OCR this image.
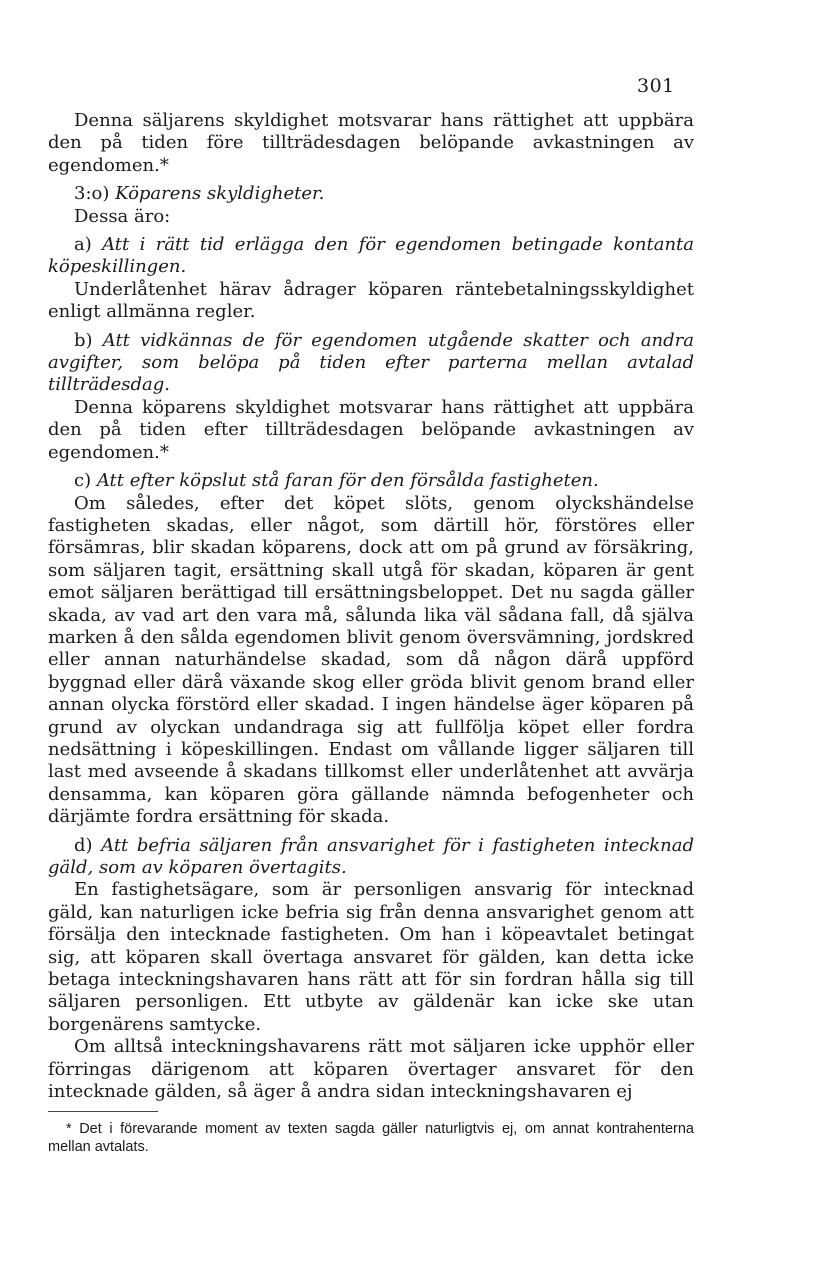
301

Denna säljarens skyldighet motsvarar hans rättighet att uppbära den på tiden före tillträdesdagen belöpande avkastningen av egendomen.*

3:o) Köparens skyldigheter.

Dessa äro:

a) Att i rätt tid erlägga den för egendomen betingade kontanta köpeskillingen.

Underlåtenhet härav ådrager köparen räntebetalningsskyldighet enligt allmänna regler.

b) Att vidkännas de för egendomen utgående skatter och andra avgifter, som belöpa på tiden efter parterna mellan avtalad tillträdesdag.

Denna köparens skyldighet motsvarar hans rättighet att uppbära den på tiden efter tillträdesdagen belöpande avkastningen av egendomen.*

c) Att efter köpslut stå faran för den försålda fastigheten.

Om således, efter det köpet slöts, genom olyckshändelse fastigheten skadas, eller något, som därtill hör, förstöres eller försämras, blir skadan köparens, dock att om på grund av försäkring, som säljaren tagit, ersättning skall utgå för skadan, köparen är gent emot säljaren berättigad till ersättningsbeloppet. Det nu sagda gäller skada, av vad art den vara må, sålunda lika väl sådana fall, då själva marken å den sålda egendomen blivit genom översvämning, jordskred eller annan naturhändelse skadad, som då någon därå uppförd byggnad eller därå växande skog eller gröda blivit genom brand eller annan olycka förstörd eller skadad. I ingen händelse äger köparen på grund av olyckan undandraga sig att fullfölja köpet eller fordra nedsättning i köpeskillingen. Endast om vållande ligger säljaren till last med avseende å skadans tillkomst eller underlåtenhet att avvärja densamma, kan köparen göra gällande nämnda befogenheter och därjämte fordra ersättning för skada.

d) Att befria säljaren från ansvarighet för i fastigheten intecknad gäld, som av köparen övertagits.

En fastighetsägare, som är personligen ansvarig för intecknad gäld, kan naturligen icke befria sig från denna ansvarighet genom att försälja den intecknade fastigheten. Om han i köpeavtalet betingat sig, att köparen skall övertaga ansvaret för gälden, kan detta icke betaga inteckningshavaren hans rätt att för sin fordran hålla sig till säljaren personligen. Ett utbyte av gäldenär kan icke ske utan borgenärens samtycke.

Om alltså inteckningshavarens rätt mot säljaren icke upphör eller förringas därigenom att köparen övertager ansvaret för den intecknade gälden, så äger å andra sidan inteckningshavaren ej

* Det i förevarande moment av texten sagda gäller naturligtvis ej, om annat kontrahenterna mellan avtalats.
